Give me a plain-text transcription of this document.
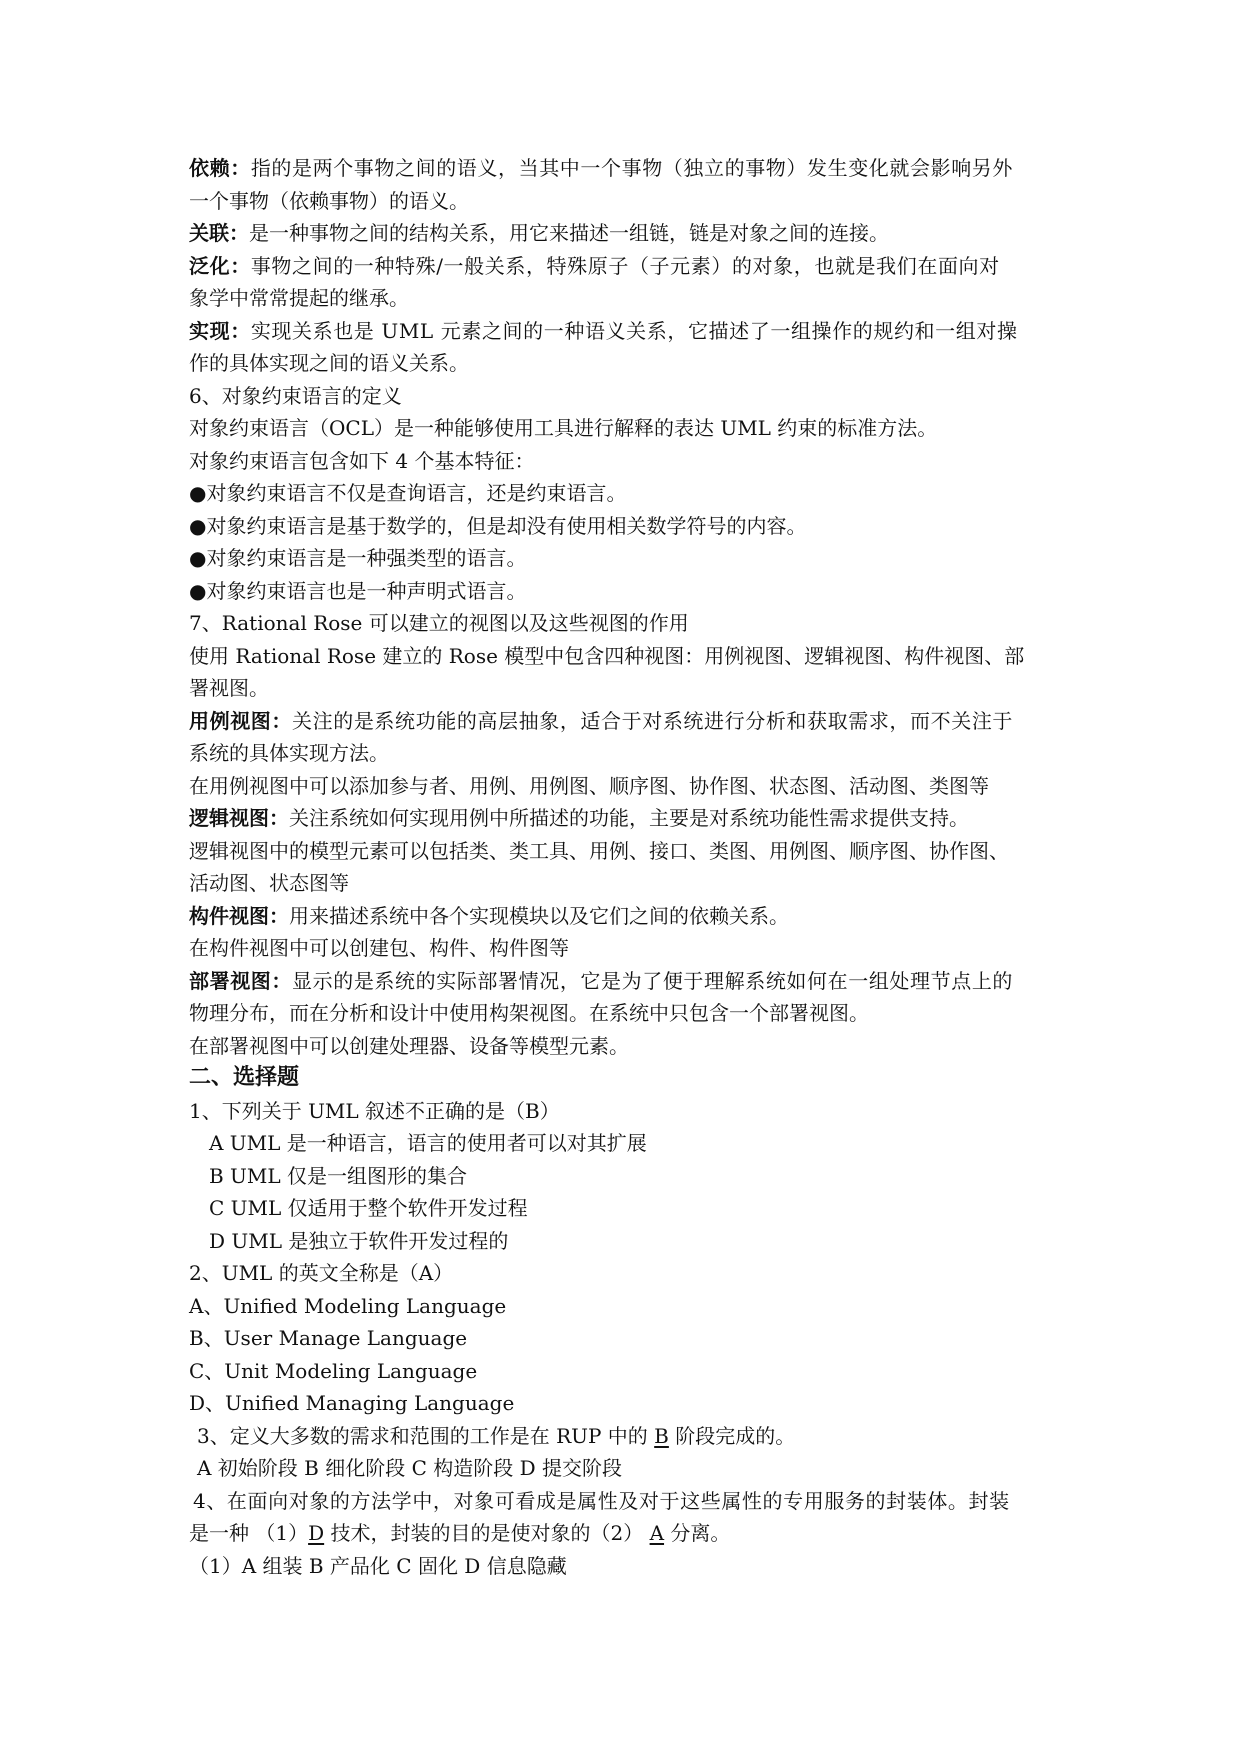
依赖：指的是两个事物之间的语义，当其中一个事物（独立的事物）发生变化就会影响另外
一个事物（依赖事物）的语义。
关联：是一种事物之间的结构关系，用它来描述一组链，链是对象之间的连接。
泛化：事物之间的一种特殊/一般关系，特殊原子（子元素）的对象，也就是我们在面向对
象学中常常提起的继承。
实现：实现关系也是 UML 元素之间的一种语义关系，它描述了一组操作的规约和一组对操
作的具体实现之间的语义关系。
6、对象约束语言的定义
对象约束语言（OCL）是一种能够使用工具进行解释的表达 UML 约束的标准方法。
对象约束语言包含如下 4 个基本特征：
●对象约束语言不仅是查询语言，还是约束语言。
●对象约束语言是基于数学的，但是却没有使用相关数学符号的内容。
●对象约束语言是一种强类型的语言。
●对象约束语言也是一种声明式语言。
7、Rational Rose 可以建立的视图以及这些视图的作用
使用 Rational Rose 建立的 Rose 模型中包含四种视图：用例视图、逻辑视图、构件视图、部
署视图。
用例视图：关注的是系统功能的高层抽象，适合于对系统进行分析和获取需求，而不关注于
系统的具体实现方法。
在用例视图中可以添加参与者、用例、用例图、顺序图、协作图、状态图、活动图、类图等
逻辑视图：关注系统如何实现用例中所描述的功能，主要是对系统功能性需求提供支持。
逻辑视图中的模型元素可以包括类、类工具、用例、接口、类图、用例图、顺序图、协作图、
活动图、状态图等
构件视图：用来描述系统中各个实现模块以及它们之间的依赖关系。
在构件视图中可以创建包、构件、构件图等
部署视图：显示的是系统的实际部署情况，它是为了便于理解系统如何在一组处理节点上的
物理分布，而在分析和设计中使用构架视图。在系统中只包含一个部署视图。
在部署视图中可以创建处理器、设备等模型元素。
二、选择题
1、下列关于 UML 叙述不正确的是（B）
A UML 是一种语言，语言的使用者可以对其扩展
B UML 仅是一组图形的集合
C UML 仅适用于整个软件开发过程
D UML 是独立于软件开发过程的
2、UML 的英文全称是（A）
A、Unified Modeling Language
B、User Manage Language
C、Unit Modeling Language
D、Unified Managing Language
3、定义大多数的需求和范围的工作是在 RUP 中的 B 阶段完成的。
A 初始阶段 B 细化阶段 C 构造阶段 D 提交阶段
4、在面向对象的方法学中，对象可看成是属性及对于这些属性的专用服务的封装体。封装
是一种 （1）D 技术，封装的目的是使对象的（2） A 分离。
（1）A 组装 B 产品化 C 固化 D 信息隐藏
